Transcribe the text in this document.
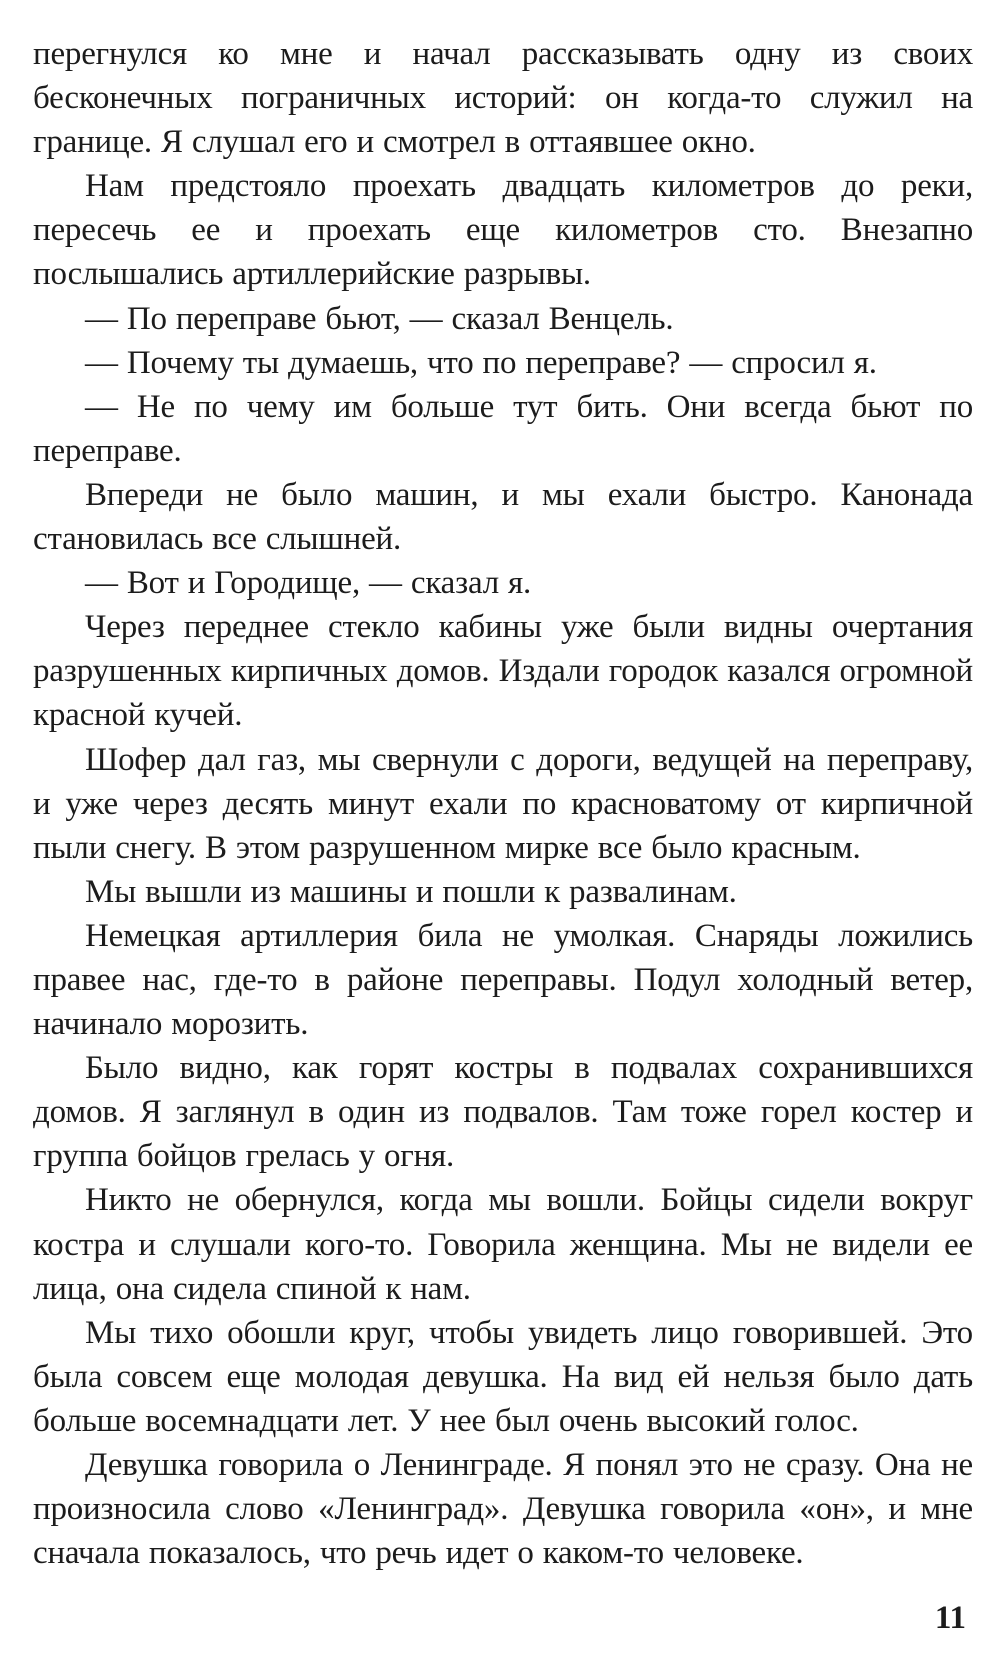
перегнулся ко мне и начал рассказывать одну из своих бесконечных пограничных историй: он когда-то служил на границе. Я слушал его и смотрел в оттаявшее окно.

Нам предстояло проехать двадцать километров до реки, пересечь ее и проехать еще километров сто. Внезапно послышались артиллерийские разрывы.

— По переправе бьют, — сказал Венцель.

— Почему ты думаешь, что по переправе? — спросил я.

— Не по чему им больше тут бить. Они всегда бьют по переправе.

Впереди не было машин, и мы ехали быстро. Канонада становилась все слышней.

— Вот и Городище, — сказал я.

Через переднее стекло кабины уже были видны очертания разрушенных кирпичных домов. Издали городок казался огромной красной кучей.

Шофер дал газ, мы свернули с дороги, ведущей на переправу, и уже через десять минут ехали по красноватому от кирпичной пыли снегу. В этом разрушенном мирке все было красным.

Мы вышли из машины и пошли к развалинам.

Немецкая артиллерия била не умолкая. Снаряды ложились правее нас, где-то в районе переправы. Подул холодный ветер, начинало морозить.

Было видно, как горят костры в подвалах сохранившихся домов. Я заглянул в один из подвалов. Там тоже горел костер и группа бойцов грелась у огня.

Никто не обернулся, когда мы вошли. Бойцы сидели вокруг костра и слушали кого-то. Говорила женщина. Мы не видели ее лица, она сидела спиной к нам.

Мы тихо обошли круг, чтобы увидеть лицо говорившей. Это была совсем еще молодая девушка. На вид ей нельзя было дать больше восемнадцати лет. У нее был очень высокий голос.

Девушка говорила о Ленинграде. Я понял это не сразу. Она не произносила слово «Ленинград». Девушка говорила «он», и мне сначала показалось, что речь идет о каком-то человеке.

11
